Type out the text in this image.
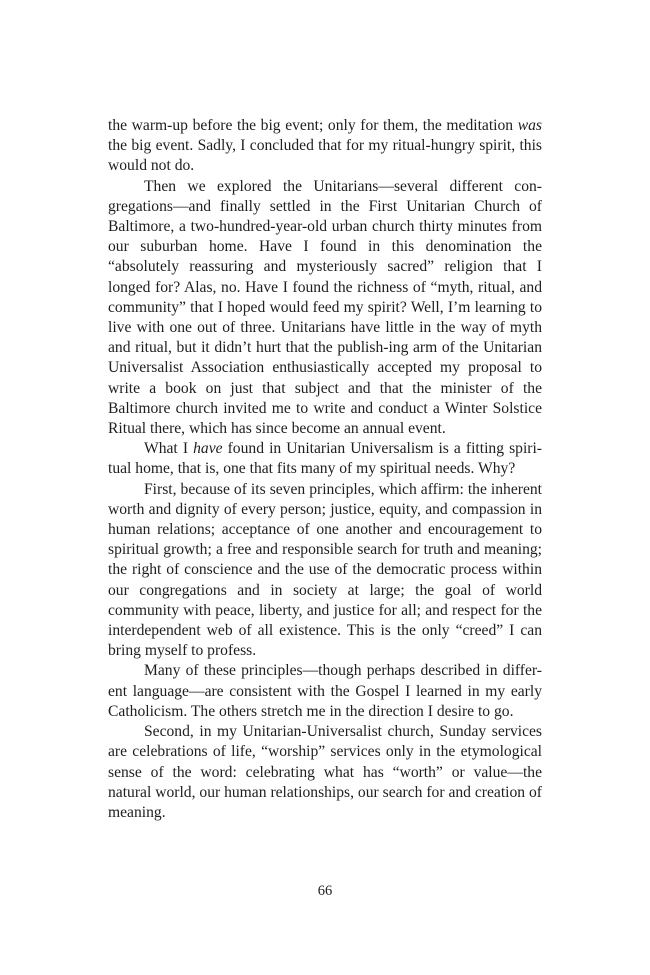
the warm-up before the big event; only for them, the meditation was the big event. Sadly, I concluded that for my ritual-hungry spirit, this would not do.

Then we explored the Unitarians—several different con-gregations—and finally settled in the First Unitarian Church of Baltimore, a two-hundred-year-old urban church thirty minutes from our suburban home. Have I found in this denomination the “absolutely reassuring and mysteriously sacred” religion that I longed for? Alas, no. Have I found the richness of “myth, ritual, and community” that I hoped would feed my spirit? Well, I’m learning to live with one out of three. Unitarians have little in the way of myth and ritual, but it didn’t hurt that the publish-ing arm of the Unitarian Universalist Association enthusiastically accepted my proposal to write a book on just that subject and that the minister of the Baltimore church invited me to write and conduct a Winter Solstice Ritual there, which has since become an annual event.

What I have found in Unitarian Universalism is a fitting spiri-tual home, that is, one that fits many of my spiritual needs. Why?

First, because of its seven principles, which affirm: the inherent worth and dignity of every person; justice, equity, and compassion in human relations; acceptance of one another and encouragement to spiritual growth; a free and responsible search for truth and meaning; the right of conscience and the use of the democratic process within our congregations and in society at large; the goal of world community with peace, liberty, and justice for all; and respect for the interdependent web of all existence. This is the only “creed” I can bring myself to profess.

Many of these principles—though perhaps described in differ-ent language—are consistent with the Gospel I learned in my early Catholicism. The others stretch me in the direction I desire to go.

Second, in my Unitarian-Universalist church, Sunday services are celebrations of life, “worship” services only in the etymological sense of the word: celebrating what has “worth” or value—the natural world, our human relationships, our search for and creation of meaning.

66
